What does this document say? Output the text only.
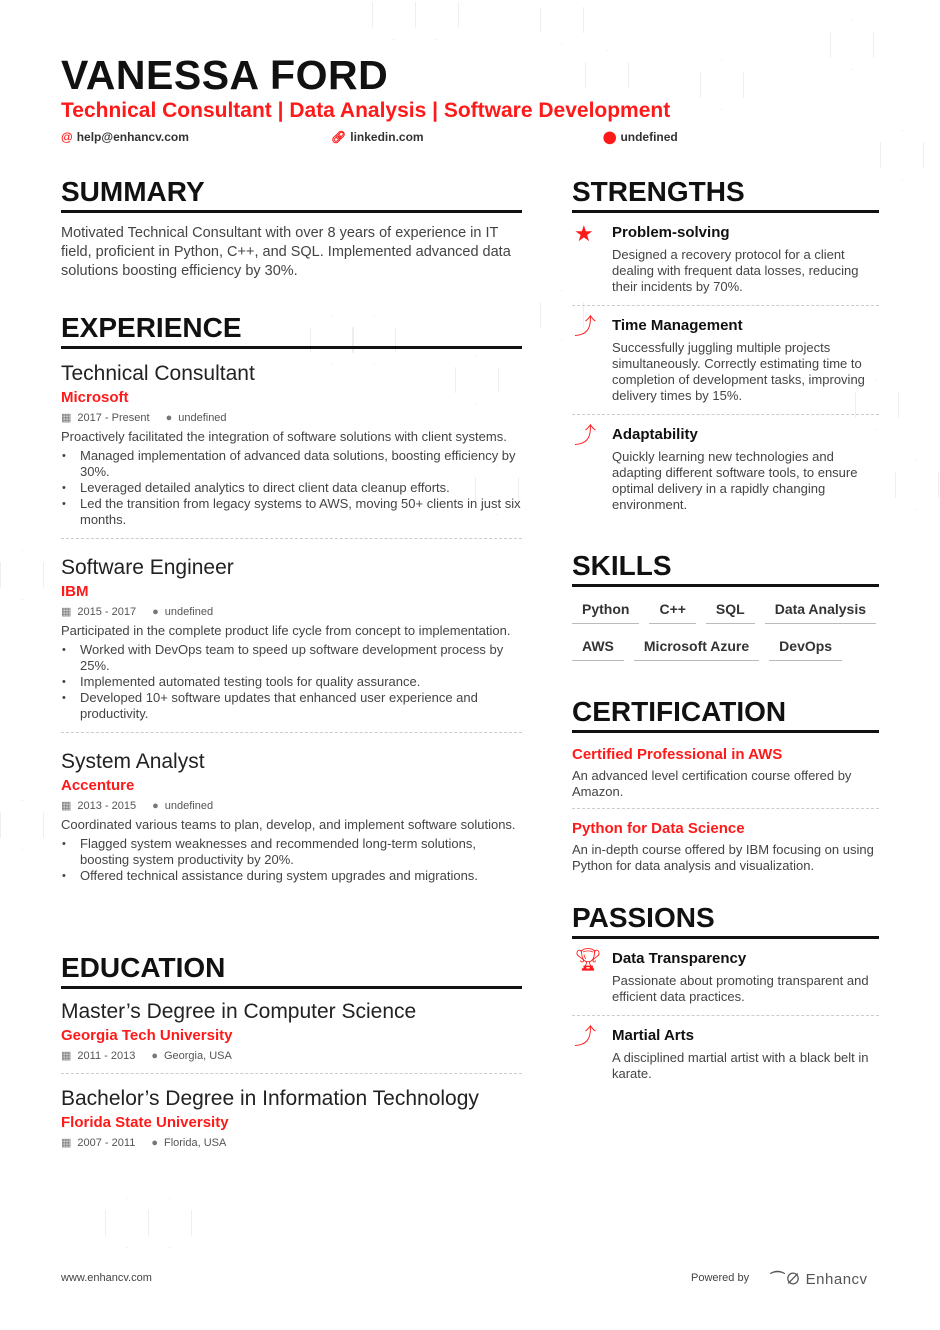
VANESSA FORD
Technical Consultant | Data Analysis | Software Development
@ help@enhancv.com	🔗︎ linkedin.com	⬤ undefined
SUMMARY
Motivated Technical Consultant with over 8 years of experience in IT field, proficient in Python, C++, and SQL. Implemented advanced data solutions boosting efficiency by 30%.
EXPERIENCE
Technical Consultant
Microsoft
▦ 2017 - Present ● undefined
Proactively facilitated the integration of software solutions with client systems.
• Managed implementation of advanced data solutions, boosting efficiency by 30%.
• Leveraged detailed analytics to direct client data cleanup efforts.
• Led the transition from legacy systems to AWS, moving 50+ clients in just six months.
Software Engineer
IBM
▦ 2015 - 2017 ● undefined
Participated in the complete product life cycle from concept to implementation.
• Worked with DevOps team to speed up software development process by 25%.
• Implemented automated testing tools for quality assurance.
• Developed 10+ software updates that enhanced user experience and productivity.
System Analyst
Accenture
▦ 2013 - 2015 ● undefined
Coordinated various teams to plan, develop, and implement software solutions.
• Flagged system weaknesses and recommended long-term solutions, boosting system productivity by 20%.
• Offered technical assistance during system upgrades and migrations.
EDUCATION
Master’s Degree in Computer Science
Georgia Tech University
▦ 2011 - 2013 ● Georgia, USA
Bachelor’s Degree in Information Technology
Florida State University
▦ 2007 - 2011 ● Florida, USA
STRENGTHS
★ Problem-solving
Designed a recovery protocol for a client dealing with frequent data losses, reducing their incidents by 70%.
⤴ Time Management
Successfully juggling multiple projects simultaneously. Correctly estimating time to completion of development tasks, improving delivery times by 15%.
⤴ Adaptability
Quickly learning new technologies and adapting different software tools, to ensure optimal delivery in a rapidly changing environment.
SKILLS
Python	C++	SQL	Data Analysis
AWS	Microsoft Azure	DevOps
CERTIFICATION
Certified Professional in AWS
An advanced level certification course offered by Amazon.
Python for Data Science
An in-depth course offered by IBM focusing on using Python for data analysis and visualization.
PASSIONS
🏆︎ Data Transparency
Passionate about promoting transparent and efficient data practices.
⤴ Martial Arts
A disciplined martial artist with a black belt in karate.
www.enhancv.com	Powered by ⌒∅ Enhancv
